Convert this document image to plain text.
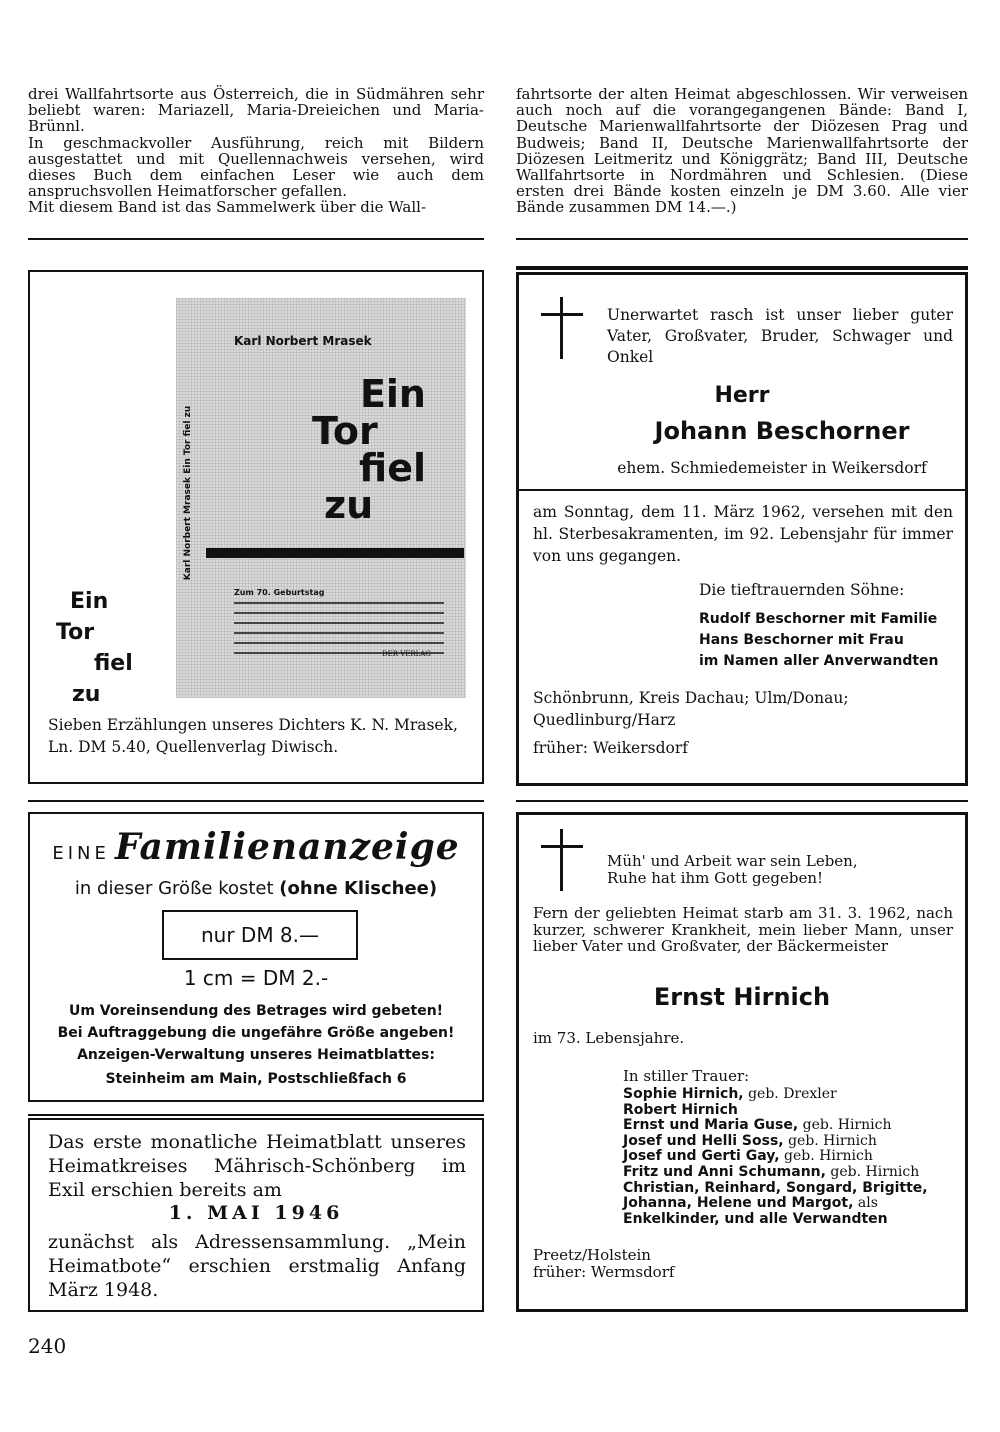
drei Wallfahrtsorte aus Österreich, die in Südmähren sehr beliebt waren: Mariazell, Maria-Dreieichen und Maria-Brünnl.

In geschmackvoller Ausführung, reich mit Bildern ausgestattet und mit Quellennachweis versehen, wird dieses Buch dem einfachen Leser wie auch dem anspruchsvollen Heimatforscher gefallen.

Mit diesem Band ist das Sammelwerk über die Wall-

fahrtsorte der alten Heimat abgeschlossen. Wir verweisen auch noch auf die vorangegangenen Bände: Band I, Deutsche Marienwallfahrtsorte der Diözesen Prag und Budweis; Band II, Deutsche Marienwallfahrtsorte der Diözesen Leitmeritz und Königgrätz; Band III, Deutsche Wallfahrtsorte in Nordmähren und Schlesien. (Diese ersten drei Bände kosten einzeln je DM 3.60. Alle vier Bände zusammen DM 14.—.)

Karl Norbert Mrasek Ein Tor fiel zu
Karl Norbert Mrasek
Ein
Tor
fiel
zu
Zum 70. Geburtstag
DER VERLAG
Ein
Tor
fiel
zu
Sieben Erzählungen unseres Dichters K. N. Mrasek,
Ln. DM 5.40, Quellenverlag Diwisch.
Unerwartet rasch ist unser lieber guter Vater, Großvater, Bruder, Schwager und Onkel
Herr
Johann Beschorner
ehem. Schmiedemeister in Weikersdorf
am Sonntag, dem 11. März 1962, versehen mit den hl. Sterbesakramenten, im 92. Lebensjahr für immer von uns gegangen.
Die tieftrauernden Söhne:
Rudolf Beschorner mit Familie
Hans Beschorner mit Frau
im Namen aller Anverwandten
Schönbrunn, Kreis Dachau; Ulm/Donau;
Quedlinburg/Harz
früher: Weikersdorf
EINE Familienanzeige
in dieser Größe kostet (ohne Klischee)
nur DM 8.—
1 cm = DM 2.-
Um Voreinsendung des Betrages wird gebeten!
Bei Auftraggebung die ungefähre Größe angeben!
Anzeigen-Verwaltung unseres Heimatblattes:
Steinheim am Main, Postschließfach 6
Das erste monatliche Heimatblatt unseres Heimatkreises Mährisch-Schönberg im Exil erschien bereits am
1. MAI 1946
zunächst als Adressensammlung. „Mein Heimatbote“ erschien erstmalig Anfang März 1948.
Müh' und Arbeit war sein Leben,
Ruhe hat ihm Gott gegeben!
Fern der geliebten Heimat starb am 31. 3. 1962, nach kurzer, schwerer Krankheit, mein lieber Mann, unser lieber Vater und Großvater, der Bäckermeister
Ernst Hirnich
im 73. Lebensjahre.
In stiller Trauer:
Sophie Hirnich, geb. Drexler
Robert Hirnich
Ernst und Maria Guse, geb. Hirnich
Josef und Helli Soss, geb. Hirnich
Josef und Gerti Gay, geb. Hirnich
Fritz und Anni Schumann, geb. Hirnich
Christian, Reinhard, Songard, Brigitte,
Johanna, Helene und Margot, als
Enkelkinder, und alle Verwandten
Preetz/Holstein
früher: Wermsdorf
240
